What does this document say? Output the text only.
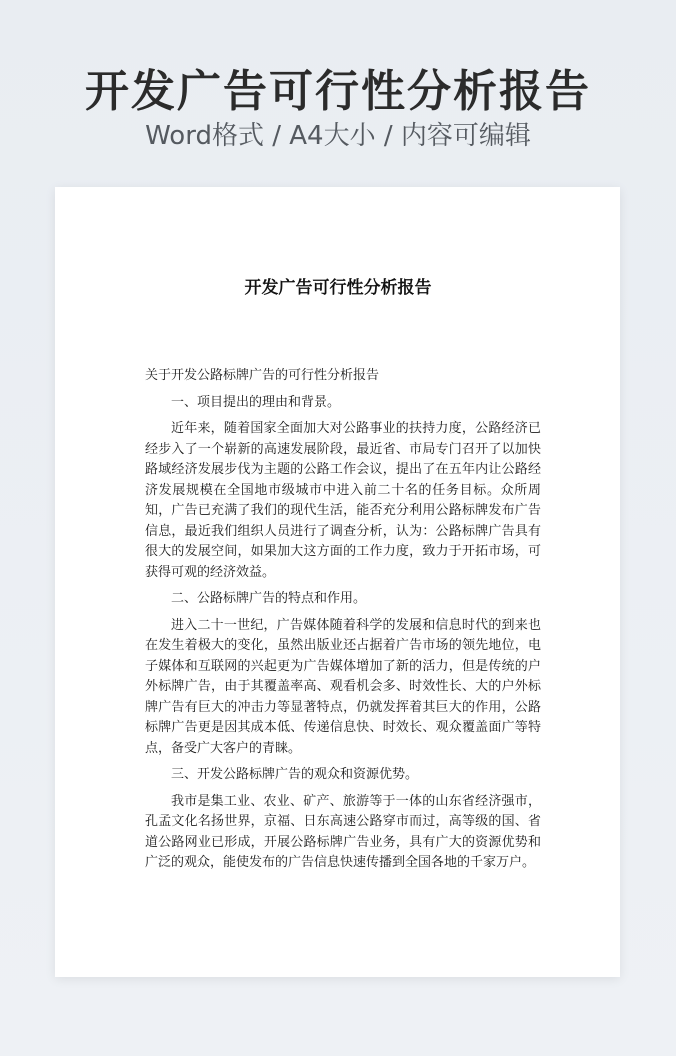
开发广告可行性分析报告
Word格式 / A4大小 / 内容可编辑
开发广告可行性分析报告

关于开发公路标牌广告的可行性分析报告

一、项目提出的理由和背景。

近年来，随着国家全面加大对公路事业的扶持力度，公路经济已经步入了一个崭新的高速发展阶段，最近省、市局专门召开了以加快路域经济发展步伐为主题的公路工作会议，提出了在五年内让公路经济发展规模在全国地市级城市中进入前二十名的任务目标。众所周知，广告已充满了我们的现代生活，能否充分利用公路标牌发布广告信息，最近我们组织人员进行了调查分析，认为：公路标牌广告具有很大的发展空间，如果加大这方面的工作力度，致力于开拓市场，可获得可观的经济效益。

二、公路标牌广告的特点和作用。

进入二十一世纪，广告媒体随着科学的发展和信息时代的到来也在发生着极大的变化，虽然出版业还占据着广告市场的领先地位，电子媒体和互联网的兴起更为广告媒体增加了新的活力，但是传统的户外标牌广告，由于其覆盖率高、观看机会多、时效性长、大的户外标牌广告有巨大的冲击力等显著特点，仍就发挥着其巨大的作用，公路标牌广告更是因其成本低、传递信息快、时效长、观众覆盖面广等特点，备受广大客户的青睐。

三、开发公路标牌广告的观众和资源优势。

我市是集工业、农业、矿产、旅游等于一体的山东省经济强市，孔孟文化名扬世界，京福、日东高速公路穿市而过，高等级的国、省道公路网业已形成，开展公路标牌广告业务，具有广大的资源优势和广泛的观众，能使发布的广告信息快速传播到全国各地的千家万户。
